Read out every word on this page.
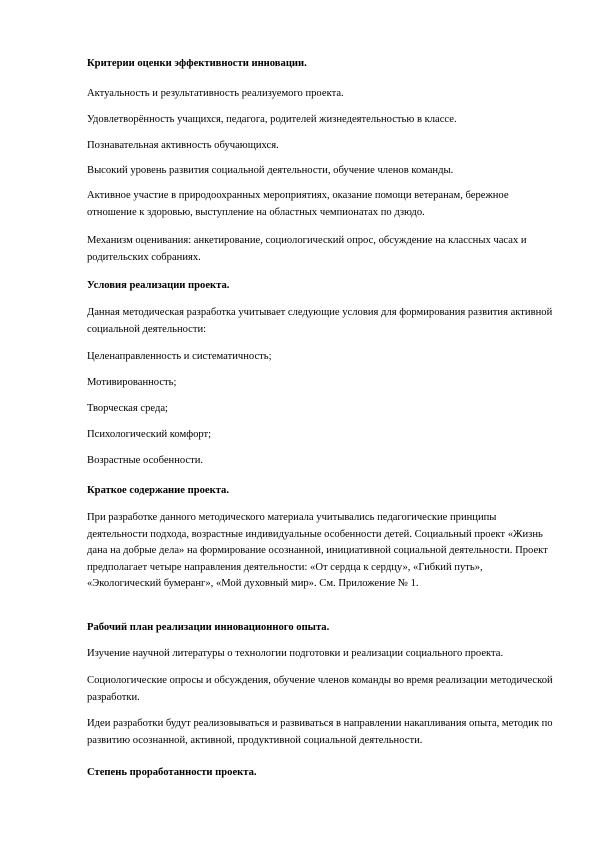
Критерии оценки эффективности инновации.

Актуальность и результативность реализуемого проекта.

Удовлетворённость учащихся, педагога, родителей жизнедеятельностью в классе.

Познавательная активность обучающихся.

Высокий уровень развития социальной деятельности, обучение членов команды.

Активное участие в природоохранных мероприятиях, оказание помощи ветеранам, бережное отношение к здоровью, выступление на областных чемпионатах по дзюдо.

Механизм оценивания: анкетирование, социологический опрос, обсуждение на классных часах и родительских собраниях.

Условия реализации проекта.

Данная методическая разработка учитывает следующие условия для формирования развития активной социальной деятельности:

Целенаправленность и систематичность;

Мотивированность;

Творческая среда;

Психологический комфорт;

Возрастные особенности.

Краткое содержание проекта.

При разработке данного методического материала учитывались педагогические принципы деятельности подхода, возрастные индивидуальные особенности детей. Социальный проект «Жизнь дана на добрые дела» на формирование осознанной, инициативной социальной деятельности. Проект предполагает четыре направления деятельности: «От сердца к сердцу», «Гибкий путь», «Экологический бумеранг», «Мой духовный мир». См. Приложение № 1.

Рабочий план реализации инновационного опыта.

Изучение научной литературы о технологии подготовки и реализации социального проекта.

Социологические опросы и обсуждения, обучение членов команды во время реализации методической разработки.

Идеи разработки будут реализовываться и развиваться в направлении накапливания опыта, методик по развитию осознанной, активной, продуктивной социальной деятельности.

Степень проработанности проекта.
